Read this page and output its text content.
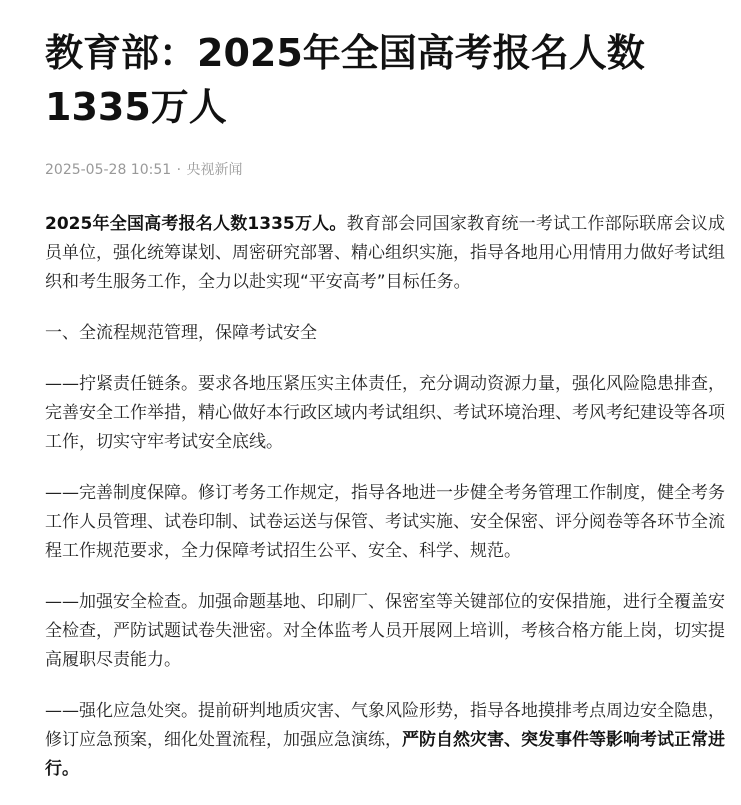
教育部：2025年全国高考报名人数1335万人
2025-05-28 10:51 · 央视新闻

2025年全国高考报名人数1335万人。教育部会同国家教育统一考试工作部际联席会议成员单位，强化统筹谋划、周密研究部署、精心组织实施，指导各地用心用情用力做好考试组织和考生服务工作，全力以赴实现“平安高考”目标任务。

一、全流程规范管理，保障考试安全

——拧紧责任链条。要求各地压紧压实主体责任，充分调动资源力量，强化风险隐患排查，完善安全工作举措，精心做好本行政区域内考试组织、考试环境治理、考风考纪建设等各项工作，切实守牢考试安全底线。

——完善制度保障。修订考务工作规定，指导各地进一步健全考务管理工作制度，健全考务工作人员管理、试卷印制、试卷运送与保管、考试实施、安全保密、评分阅卷等各环节全流程工作规范要求，全力保障考试招生公平、安全、科学、规范。

——加强安全检查。加强命题基地、印刷厂、保密室等关键部位的安保措施，进行全覆盖安全检查，严防试题试卷失泄密。对全体监考人员开展网上培训，考核合格方能上岗，切实提高履职尽责能力。

——强化应急处突。提前研判地质灾害、气象风险形势，指导各地摸排考点周边安全隐患，修订应急预案，细化处置流程，加强应急演练，严防自然灾害、突发事件等影响考试正常进行。
